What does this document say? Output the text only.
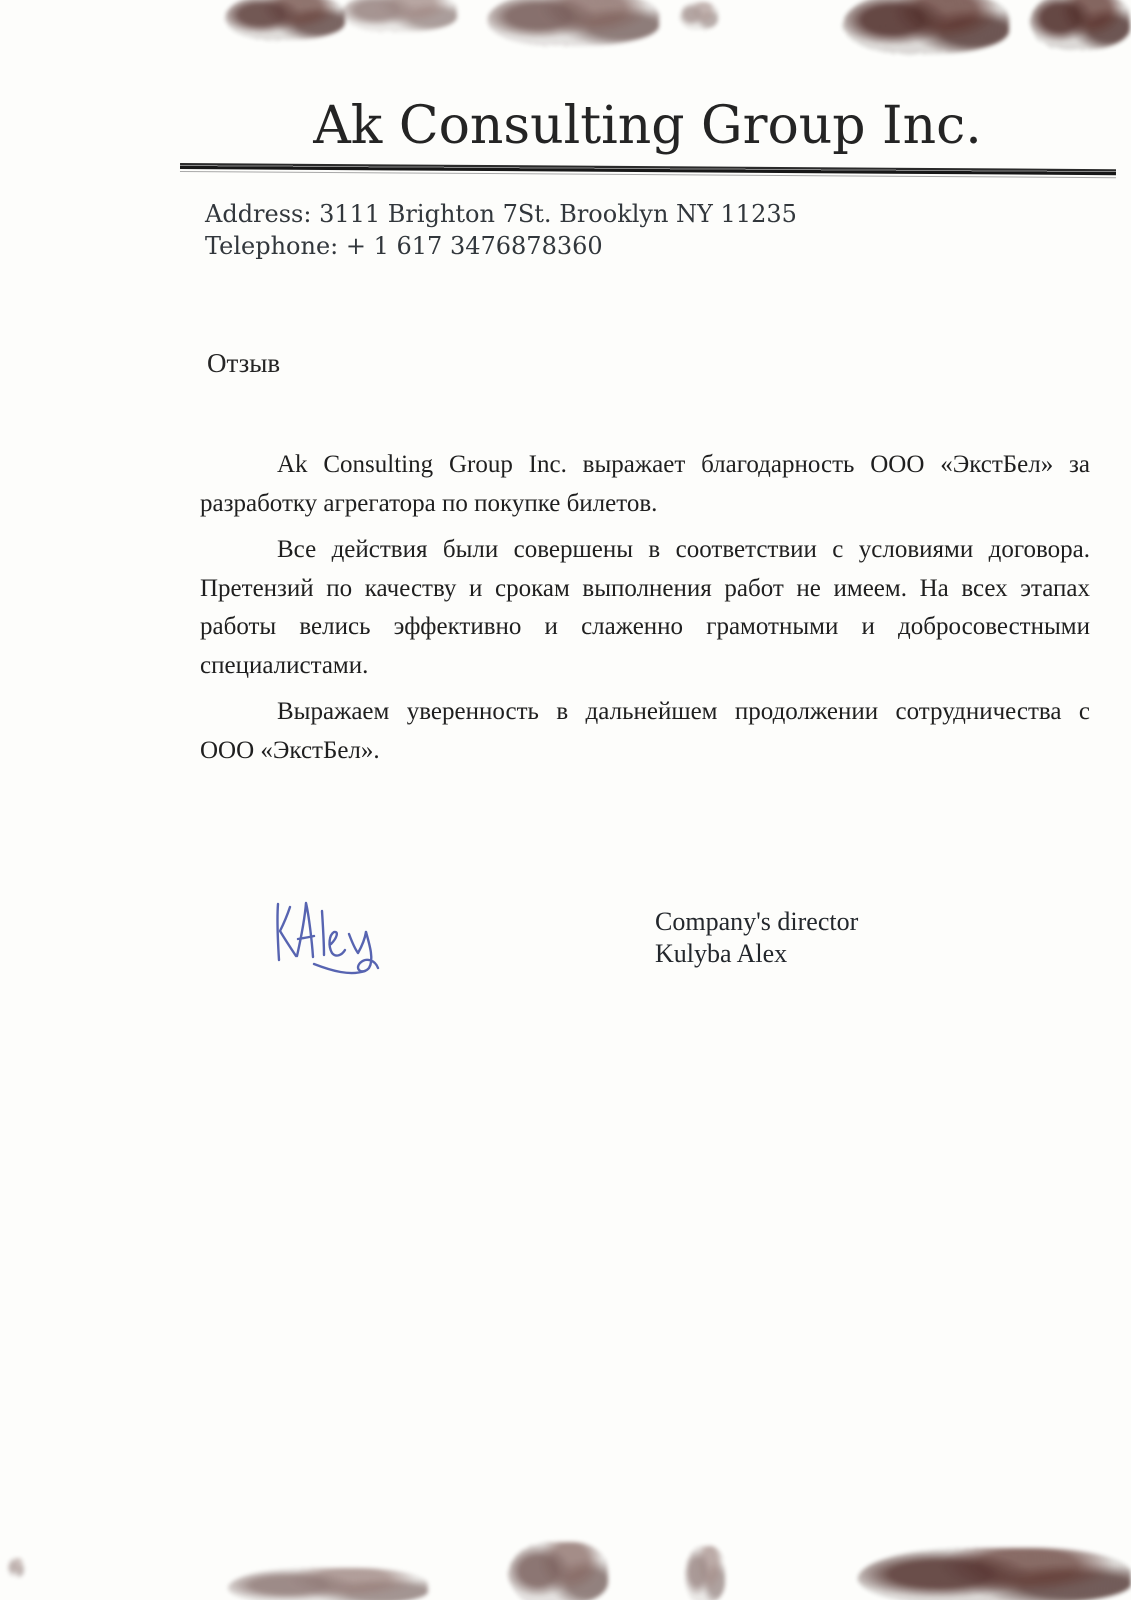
Ak Consulting Group Inc.
Address: 3111 Brighton 7St. Brooklyn NY 11235
Telephone: + 1 617 3476878360
Отзыв
Ak Consulting Group Inc. выражает благодарность ООО «ЭкстБел» за
разработку агрегатора по покупке билетов.
Все действия были совершены в соответствии с условиями договора.
Претензий по качеству и срокам выполнения работ не имеем. На всех этапах
работы велись эффективно и слаженно грамотными и добросовестными
специалистами.
Выражаем уверенность в дальнейшем продолжении сотрудничества с
ООО «ЭкстБел».
Company's director
Kulyba Alex
